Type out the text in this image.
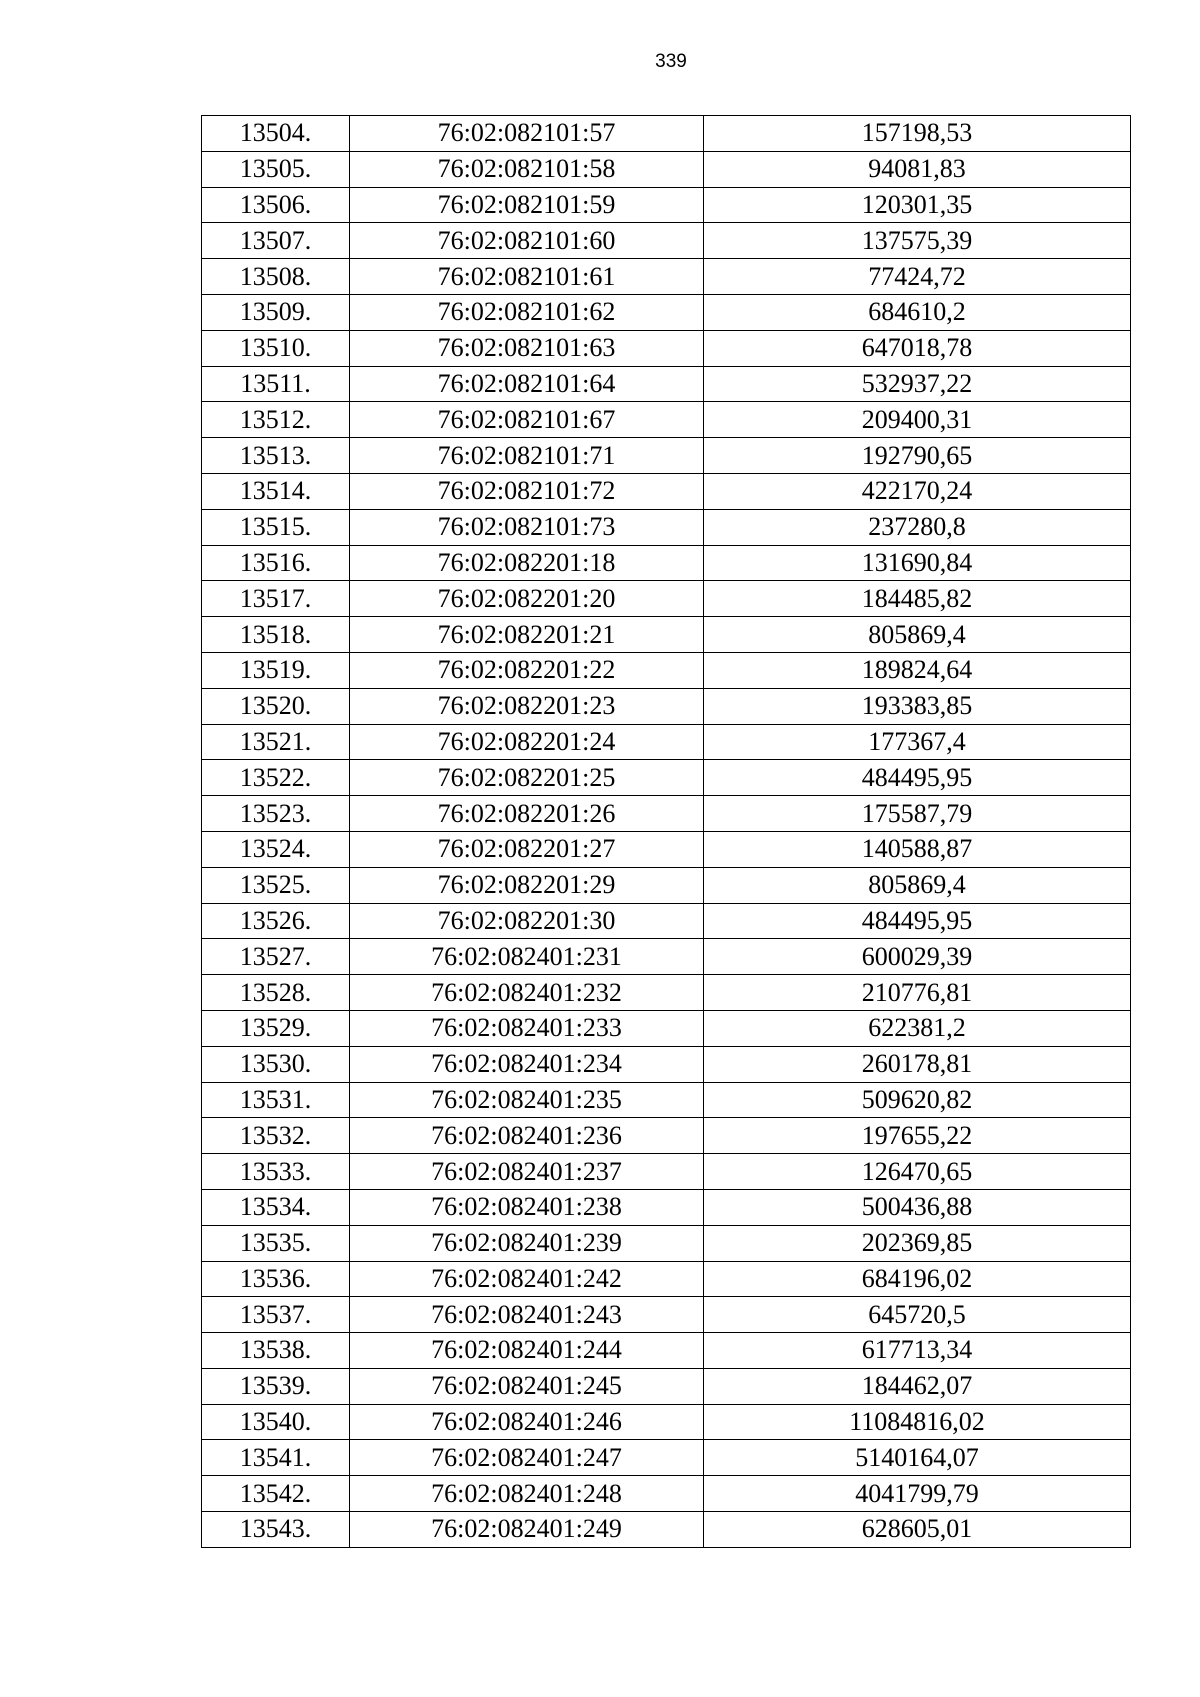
339
13504.	76:02:082101:57	157198,53
13505.	76:02:082101:58	94081,83
13506.	76:02:082101:59	120301,35
13507.	76:02:082101:60	137575,39
13508.	76:02:082101:61	77424,72
13509.	76:02:082101:62	684610,2
13510.	76:02:082101:63	647018,78
13511.	76:02:082101:64	532937,22
13512.	76:02:082101:67	209400,31
13513.	76:02:082101:71	192790,65
13514.	76:02:082101:72	422170,24
13515.	76:02:082101:73	237280,8
13516.	76:02:082201:18	131690,84
13517.	76:02:082201:20	184485,82
13518.	76:02:082201:21	805869,4
13519.	76:02:082201:22	189824,64
13520.	76:02:082201:23	193383,85
13521.	76:02:082201:24	177367,4
13522.	76:02:082201:25	484495,95
13523.	76:02:082201:26	175587,79
13524.	76:02:082201:27	140588,87
13525.	76:02:082201:29	805869,4
13526.	76:02:082201:30	484495,95
13527.	76:02:082401:231	600029,39
13528.	76:02:082401:232	210776,81
13529.	76:02:082401:233	622381,2
13530.	76:02:082401:234	260178,81
13531.	76:02:082401:235	509620,82
13532.	76:02:082401:236	197655,22
13533.	76:02:082401:237	126470,65
13534.	76:02:082401:238	500436,88
13535.	76:02:082401:239	202369,85
13536.	76:02:082401:242	684196,02
13537.	76:02:082401:243	645720,5
13538.	76:02:082401:244	617713,34
13539.	76:02:082401:245	184462,07
13540.	76:02:082401:246	11084816,02
13541.	76:02:082401:247	5140164,07
13542.	76:02:082401:248	4041799,79
13543.	76:02:082401:249	628605,01
